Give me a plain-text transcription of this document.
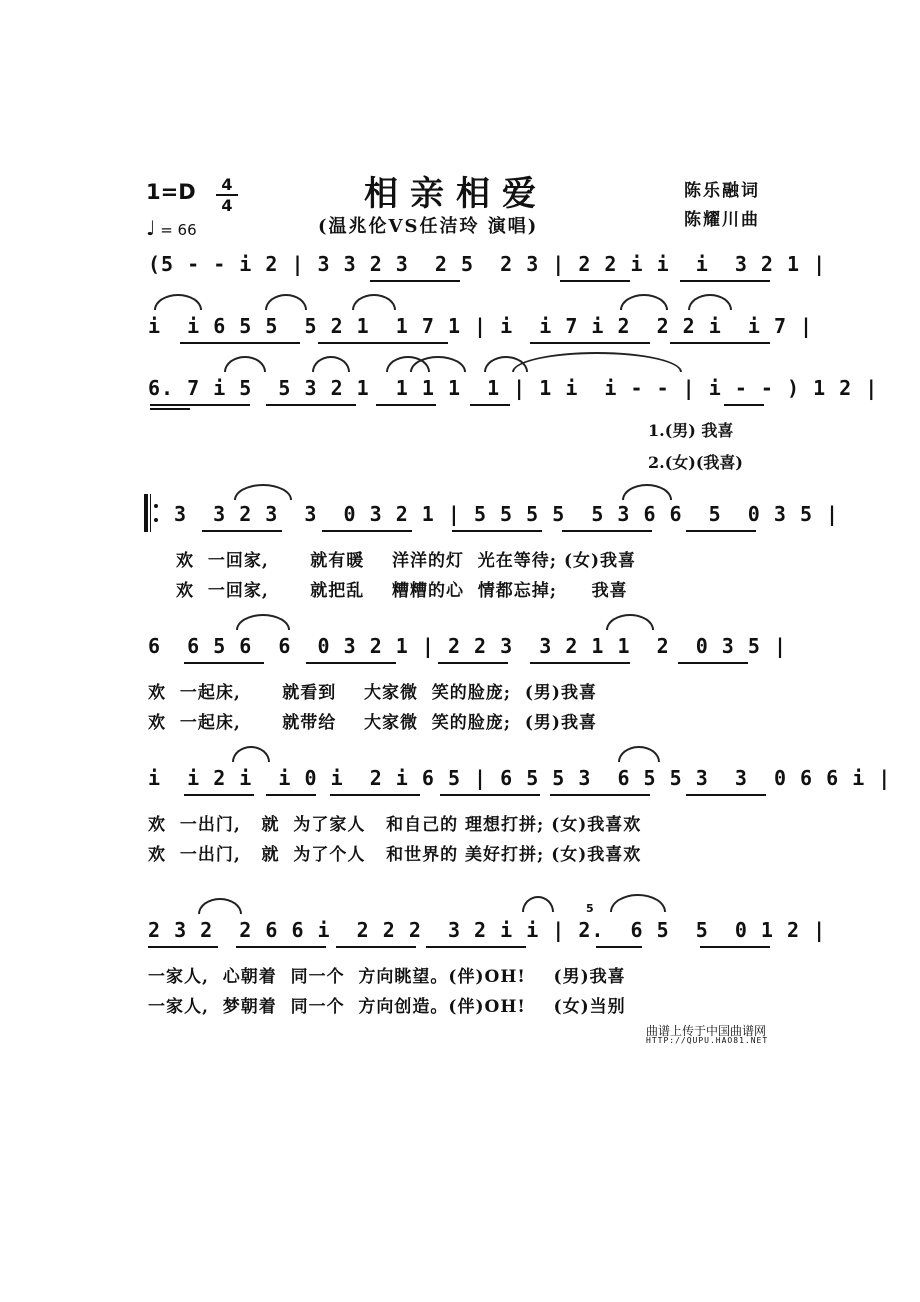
1=D	4
4
♩ = 66
相亲相爱
(温兆伦VS任洁玲 演唱)
陈乐融词
陈耀川曲
(5 - - i 2 | 3 3 2 3  2 5  2 3 | 2 2 i i  i  3 2 1 |
i  i 6 5 5  5 2 1  1 7 1 | i  i 7 i 2  2 2 i  i 7 |
6. 7 i 5  5 3 2 1  1 1 1  1 | 1 i  i - - | i - - ) 1 2 |
1.(男) 我喜
2.(女)(我喜)
3  3 2 3  3  0 3 2 1 | 5 5 5 5  5 3 6 6  5  0 3 5 |
欢  一回家,      就有暖    洋洋的灯  光在等待; (女)我喜
欢  一回家,      就把乱    糟糟的心  情都忘掉;     我喜
6  6 5 6  6  0 3 2 1 | 2 2 3  3 2 1 1  2  0 3 5 |
欢  一起床,      就看到    大家微  笑的脸庞;  (男)我喜
欢  一起床,      就带给    大家微  笑的脸庞;  (男)我喜
i  i 2 i  i 0 i  2 i 6 5 | 6 5 5 3  6 5 5 3  3  0 6 6 i |
欢  一出门,   就  为了家人   和自己的 理想打拼; (女)我喜欢
欢  一出门,   就  为了个人   和世界的 美好打拼; (女)我喜欢
5
2 3 2  2 6 6 i  2 2 2  3 2 i i | 2.  6 5  5  0 1 2 |
一家人,  心朝着  同一个  方向眺望。(伴)OH!    (男)我喜
一家人,  梦朝着  同一个  方向创造。(伴)OH!    (女)当别
曲谱上传于中国曲谱网
HTTP://QUPU.HAO81.NET
